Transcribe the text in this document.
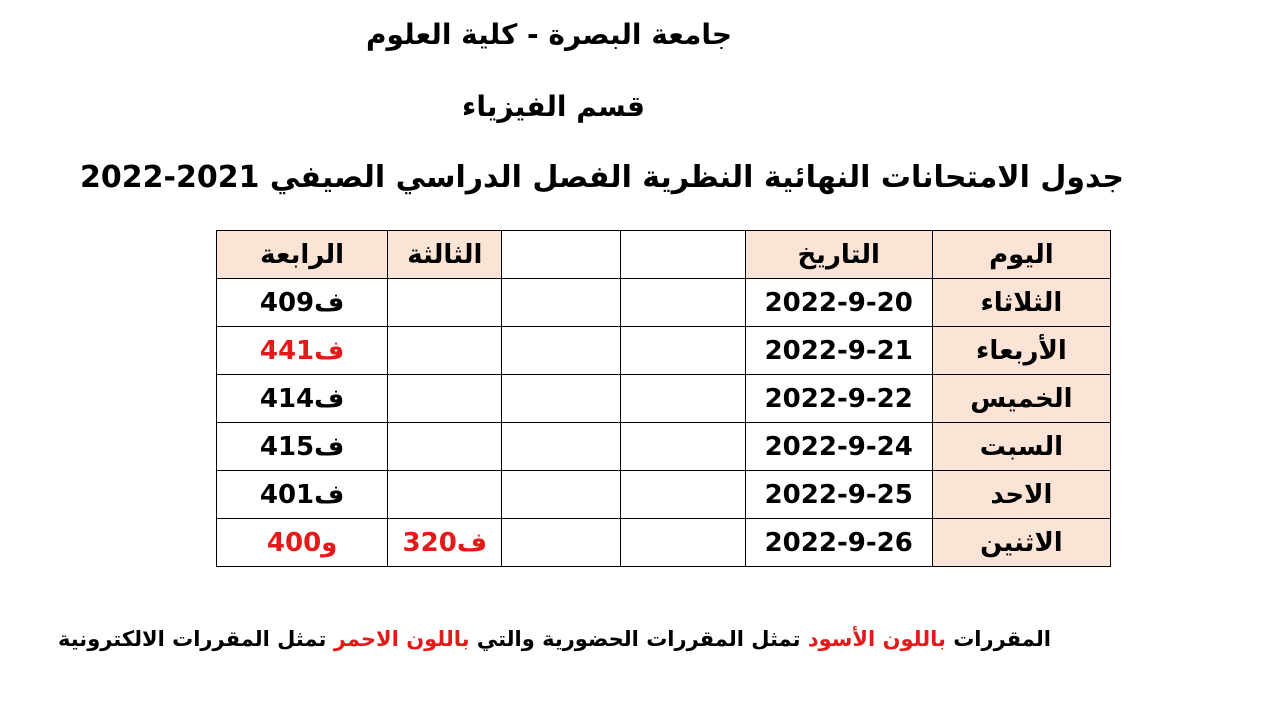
جامعة البصرة - كلية العلوم
قسم الفيزياء
جدول الامتحانات النهائية النظرية الفصل الدراسي الصيفي 2021-2022
اليوم	التاريخ			الثالثة	الرابعة
الثلاثاء	2022-9-20				ف409
الأربعاء	2022-9-21				ف441
الخميس	2022-9-22				ف414
السبت	2022-9-24				ف415
الاحد	2022-9-25				ف401
الاثنين	2022-9-26			ف320	و400
المقررات باللون الأسود تمثل المقررات الحضورية والتي باللون الاحمر تمثل المقررات الالكترونية
